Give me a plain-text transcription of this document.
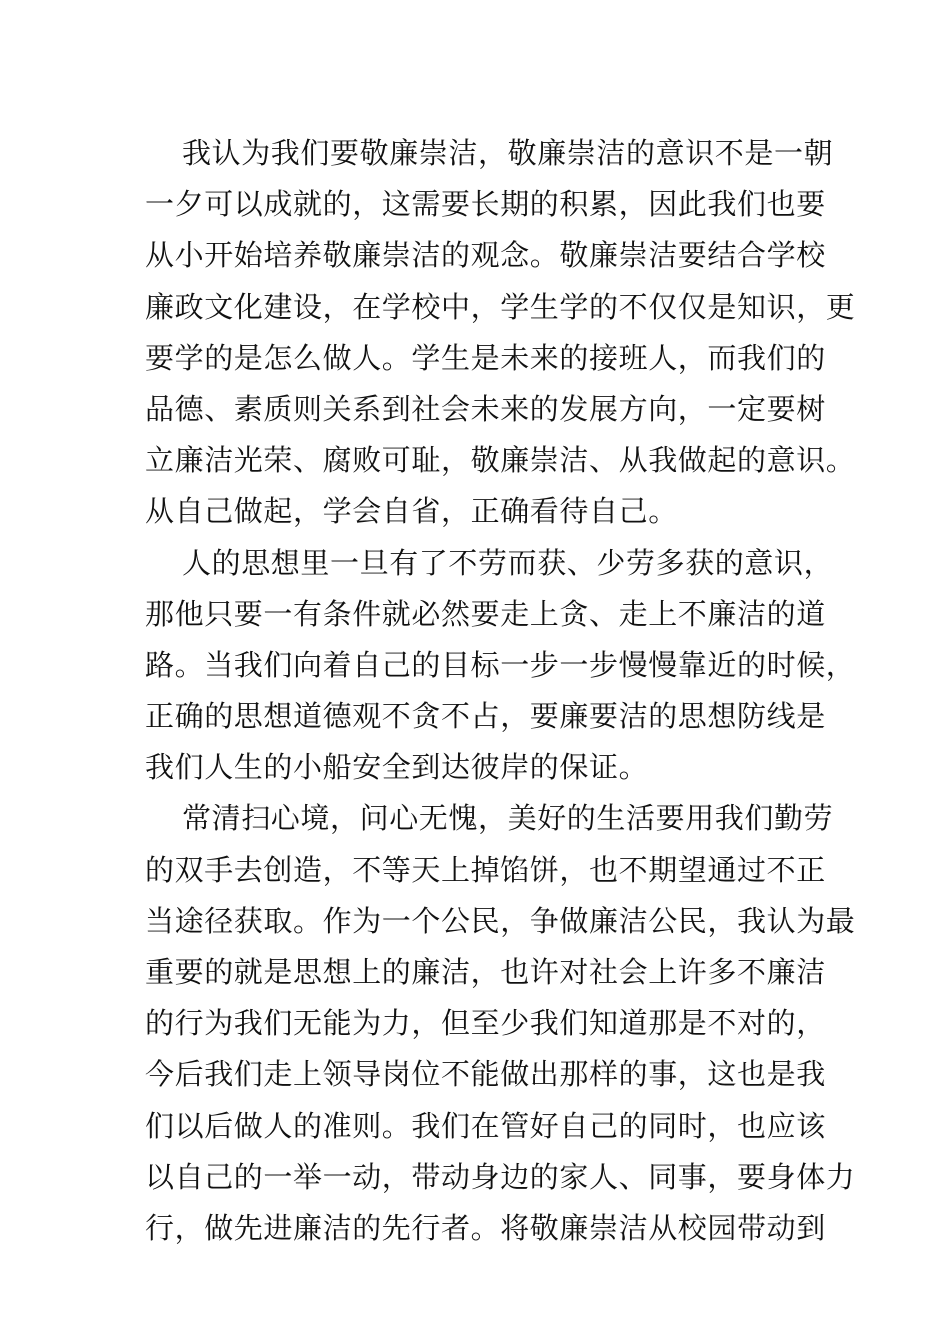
我认为我们要敬廉崇洁，敬廉崇洁的意识不是一朝
一夕可以成就的，这需要长期的积累，因此我们也要
从小开始培养敬廉崇洁的观念。敬廉崇洁要结合学校
廉政文化建设，在学校中，学生学的不仅仅是知识，更
要学的是怎么做人。学生是未来的接班人，而我们的
品德、素质则关系到社会未来的发展方向，一定要树
立廉洁光荣、腐败可耻，敬廉崇洁、从我做起的意识。
从自己做起，学会自省，正确看待自己。
人的思想里一旦有了不劳而获、少劳多获的意识，
那他只要一有条件就必然要走上贪、走上不廉洁的道
路。当我们向着自己的目标一步一步慢慢靠近的时候，
正确的思想道德观不贪不占，要廉要洁的思想防线是
我们人生的小船安全到达彼岸的保证。
常清扫心境，问心无愧，美好的生活要用我们勤劳
的双手去创造，不等天上掉馅饼，也不期望通过不正
当途径获取。作为一个公民，争做廉洁公民，我认为最
重要的就是思想上的廉洁，也许对社会上许多不廉洁
的行为我们无能为力，但至少我们知道那是不对的，
今后我们走上领导岗位不能做出那样的事，这也是我
们以后做人的准则。我们在管好自己的同时，也应该
以自己的一举一动，带动身边的家人、同事，要身体力
行，做先进廉洁的先行者。将敬廉崇洁从校园带动到
